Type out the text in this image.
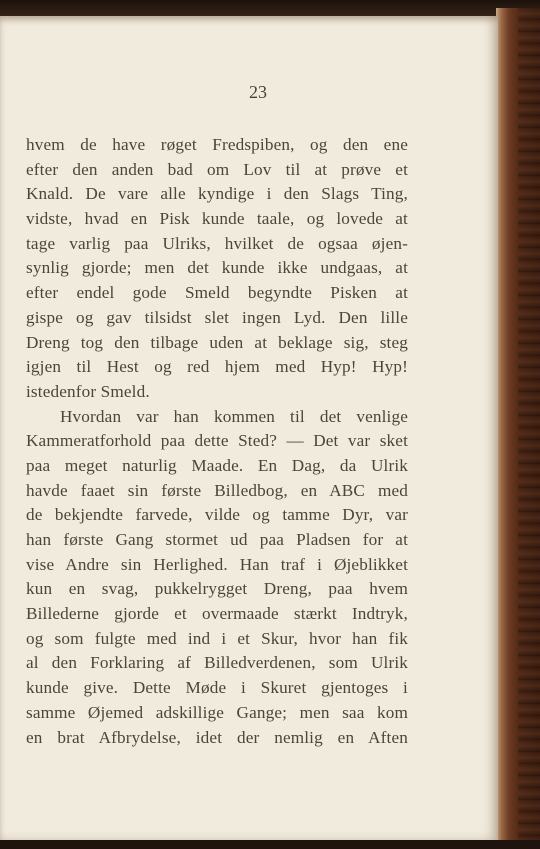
23
hvem de have røget Fredspiben, og den ene
efter den anden bad om Lov til at prøve et
Knald. De vare alle kyndige i den Slags Ting,
vidste, hvad en Pisk kunde taale, og lovede at
tage varlig paa Ulriks, hvilket de ogsaa øjen-
synlig gjorde; men det kunde ikke undgaas, at
efter endel gode Smeld begyndte Pisken at
gispe og gav tilsidst slet ingen Lyd. Den lille
Dreng tog den tilbage uden at beklage sig, steg
igjen til Hest og red hjem med Hyp! Hyp!
istedenfor Smeld.
Hvordan var han kommen til det venlige
Kammeratforhold paa dette Sted? — Det var sket
paa meget naturlig Maade. En Dag, da Ulrik
havde faaet sin første Billedbog, en ABC med
de bekjendte farvede, vilde og tamme Dyr, var
han første Gang stormet ud paa Pladsen for at
vise Andre sin Herlighed. Han traf i Øjeblikket
kun en svag, pukkelrygget Dreng, paa hvem
Billederne gjorde et overmaade stærkt Indtryk,
og som fulgte med ind i et Skur, hvor han fik
al den Forklaring af Billedverdenen, som Ulrik
kunde give. Dette Møde i Skuret gjentoges i
samme Øjemed adskillige Gange; men saa kom
en brat Afbrydelse, idet der nemlig en Aften
